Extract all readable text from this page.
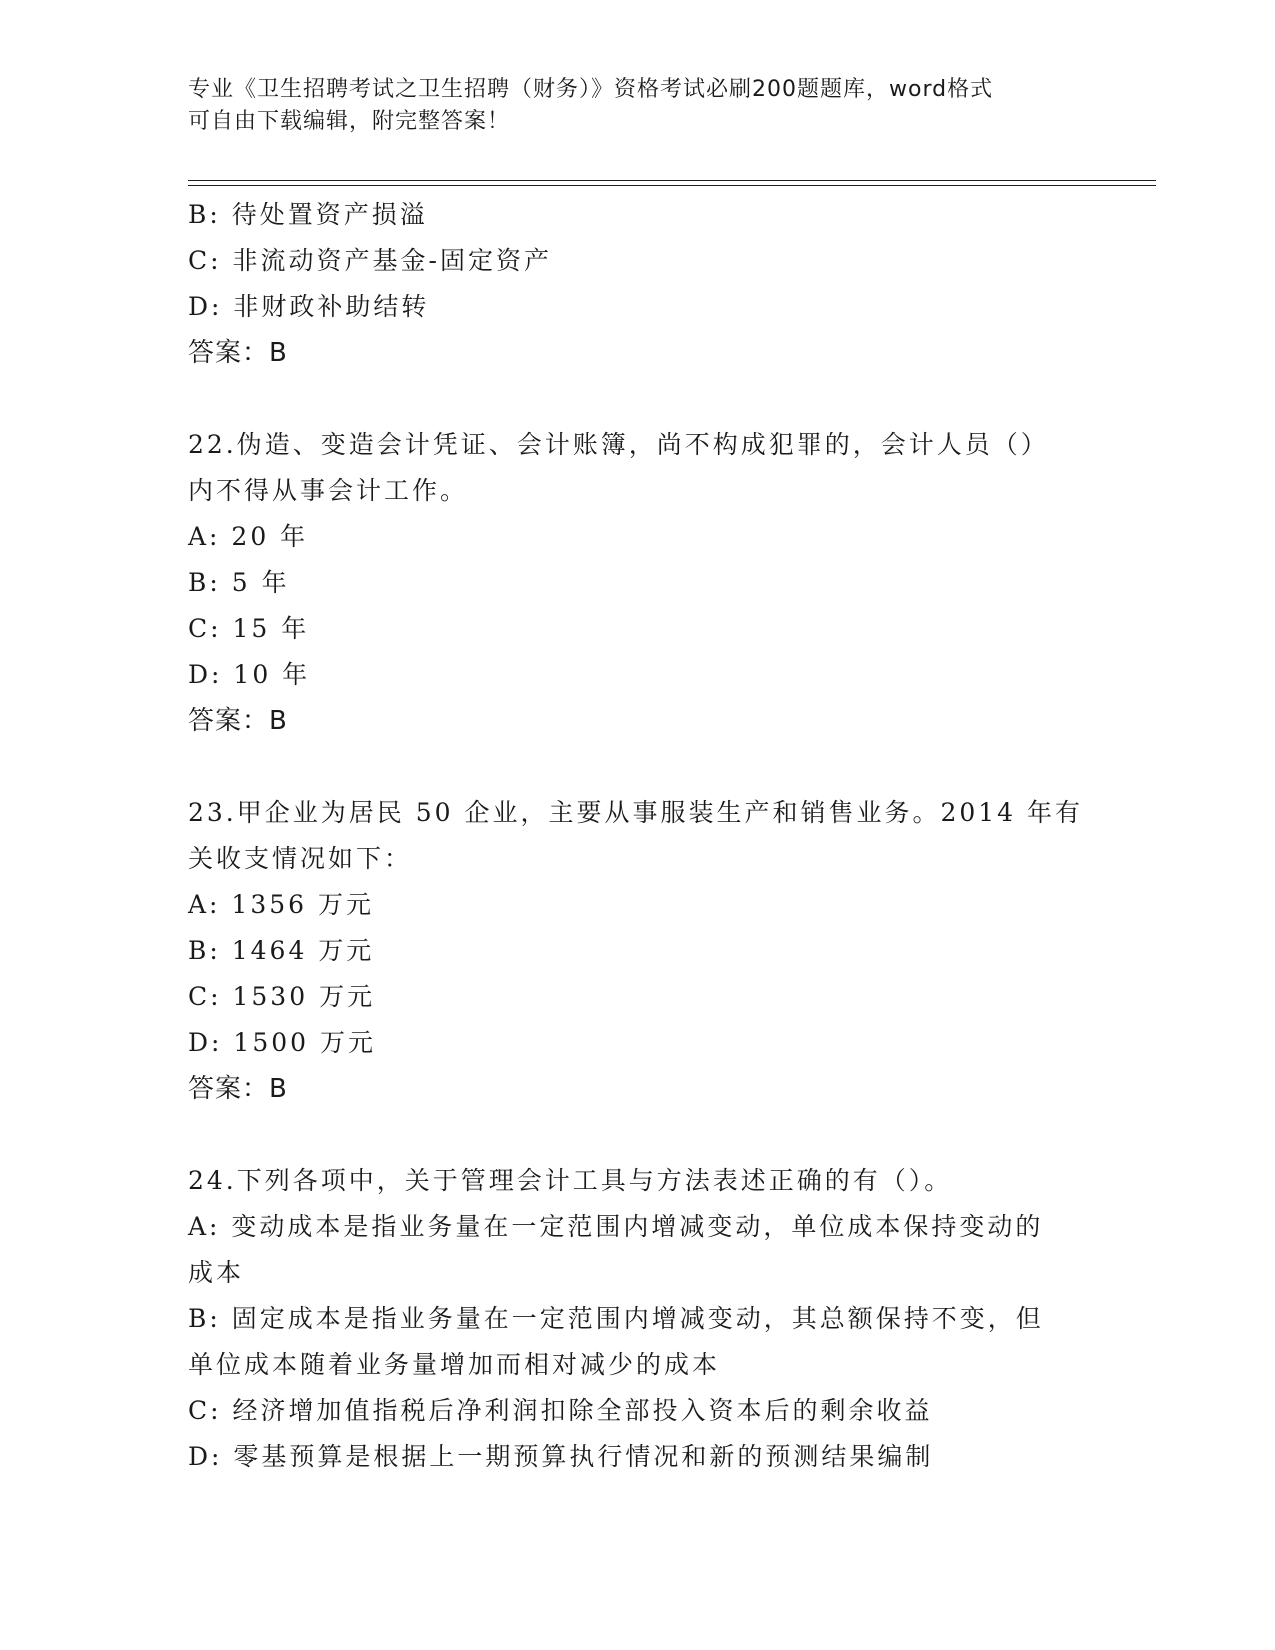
专业《卫生招聘考试之卫生招聘（财务）》资格考试必刷200题题库，word格式
可自由下载编辑，附完整答案！
B: 待处置资产损溢
C: 非流动资产基金-固定资产
D: 非财政补助结转
答案：B
22.伪造、变造会计凭证、会计账簿，尚不构成犯罪的，会计人员（）
内不得从事会计工作。
A: 20 年
B: 5 年
C: 15 年
D: 10 年
答案：B
23.甲企业为居民 50 企业，主要从事服装生产和销售业务。2014 年有
关收支情况如下：
A: 1356 万元
B: 1464 万元
C: 1530 万元
D: 1500 万元
答案：B
24.下列各项中，关于管理会计工具与方法表述正确的有（）。
A: 变动成本是指业务量在一定范围内增减变动，单位成本保持变动的
成本
B: 固定成本是指业务量在一定范围内增减变动，其总额保持不变，但
单位成本随着业务量增加而相对减少的成本
C: 经济增加值指税后净利润扣除全部投入资本后的剩余收益
D: 零基预算是根据上一期预算执行情况和新的预测结果编制
